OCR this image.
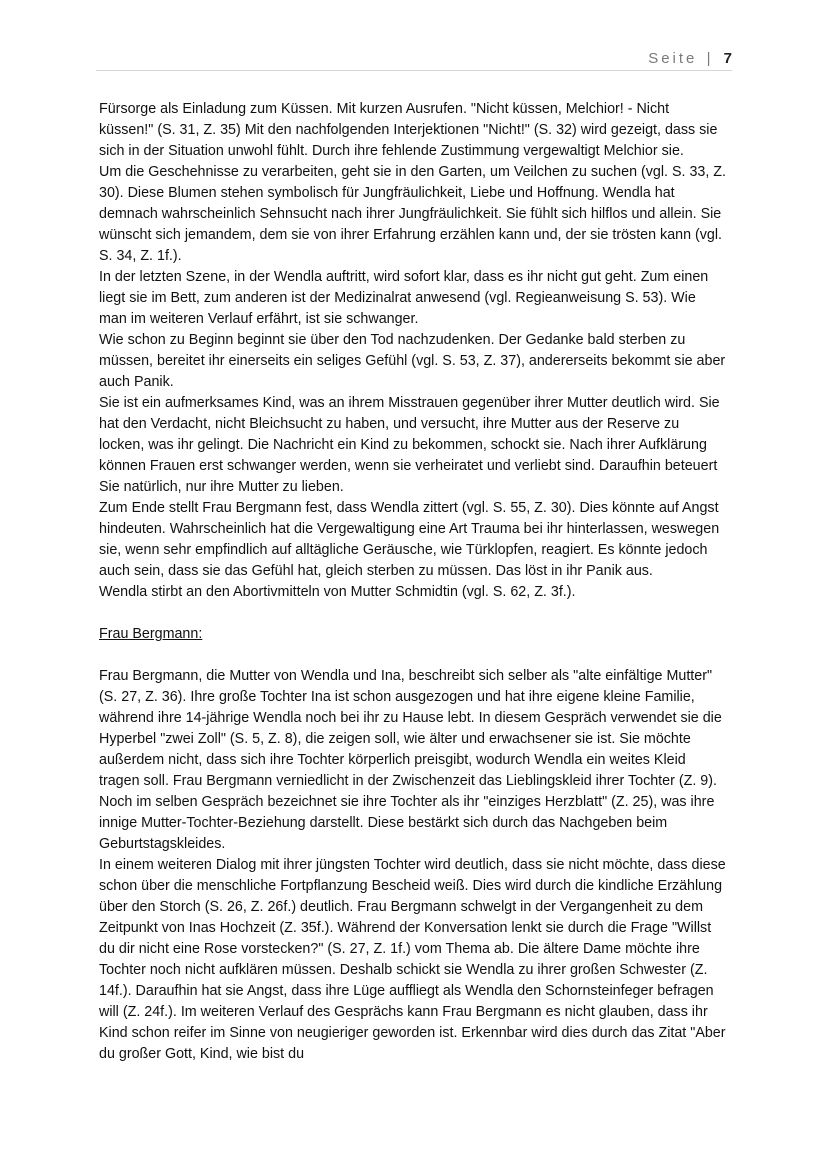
Seite | 7

Fürsorge als Einladung zum Küssen. Mit kurzen Ausrufen. "Nicht küssen, Melchior! - Nicht küssen!" (S. 31, Z. 35) Mit den nachfolgenden Interjektionen "Nicht!" (S. 32) wird gezeigt, dass sie sich in der Situation unwohl fühlt. Durch ihre fehlende Zustimmung vergewaltigt Melchior sie.

Um die Geschehnisse zu verarbeiten, geht sie in den Garten, um Veilchen zu suchen (vgl. S. 33, Z. 30). Diese Blumen stehen symbolisch für Jungfräulichkeit, Liebe und Hoffnung. Wendla hat demnach wahrscheinlich Sehnsucht nach ihrer Jungfräulichkeit. Sie fühlt sich hilflos und allein. Sie wünscht sich jemandem, dem sie von ihrer Erfahrung erzählen kann und, der sie trösten kann (vgl. S. 34, Z. 1f.).

In der letzten Szene, in der Wendla auftritt, wird sofort klar, dass es ihr nicht gut geht. Zum einen liegt sie im Bett, zum anderen ist der Medizinalrat anwesend (vgl. Regieanweisung S. 53). Wie man im weiteren Verlauf erfährt, ist sie schwanger.

Wie schon zu Beginn beginnt sie über den Tod nachzudenken. Der Gedanke bald sterben zu müssen, bereitet ihr einerseits ein seliges Gefühl (vgl. S. 53, Z. 37), andererseits bekommt sie aber auch Panik.

Sie ist ein aufmerksames Kind, was an ihrem Misstrauen gegenüber ihrer Mutter deutlich wird. Sie hat den Verdacht, nicht Bleichsucht zu haben, und versucht, ihre Mutter aus der Reserve zu locken, was ihr gelingt. Die Nachricht ein Kind zu bekommen, schockt sie. Nach ihrer Aufklärung können Frauen erst schwanger werden, wenn sie verheiratet und verliebt sind. Daraufhin beteuert Sie natürlich, nur ihre Mutter zu lieben.

Zum Ende stellt Frau Bergmann fest, dass Wendla zittert (vgl. S. 55, Z. 30). Dies könnte auf Angst hindeuten. Wahrscheinlich hat die Vergewaltigung eine Art Trauma bei ihr hinterlassen, weswegen sie, wenn sehr empfindlich auf alltägliche Geräusche, wie Türklopfen, reagiert. Es könnte jedoch auch sein, dass sie das Gefühl hat, gleich sterben zu müssen. Das löst in ihr Panik aus.

Wendla stirbt an den Abortivmitteln von Mutter Schmidtin (vgl. S. 62, Z. 3f.).

Frau Bergmann:

Frau Bergmann, die Mutter von Wendla und Ina, beschreibt sich selber als "alte einfältige Mutter"(S. 27, Z. 36). Ihre große Tochter Ina ist schon ausgezogen und hat ihre eigene kleine Familie, während ihre 14-jährige Wendla noch bei ihr zu Hause lebt. In diesem Gespräch verwendet sie die Hyperbel "zwei Zoll" (S. 5, Z. 8), die zeigen soll, wie älter und erwachsener sie ist. Sie möchte außerdem nicht, dass sich ihre Tochter körperlich preisgibt, wodurch Wendla ein weites Kleid tragen soll. Frau Bergmann verniedlicht in der Zwischenzeit das Lieblingskleid ihrer Tochter (Z. 9). Noch im selben Gespräch bezeichnet sie ihre Tochter als ihr "einziges Herzblatt" (Z. 25), was ihre innige Mutter-Tochter-Beziehung darstellt. Diese bestärkt sich durch das Nachgeben beim Geburtstagskleides.

In einem weiteren Dialog mit ihrer jüngsten Tochter wird deutlich, dass sie nicht möchte, dass diese schon über die menschliche Fortpflanzung Bescheid weiß. Dies wird durch die kindliche Erzählung über den Storch (S. 26, Z. 26f.) deutlich. Frau Bergmann schwelgt in der Vergangenheit zu dem Zeitpunkt von Inas Hochzeit (Z. 35f.). Während der Konversation lenkt sie durch die Frage "Willst du dir nicht eine Rose vorstecken?" (S. 27, Z. 1f.) vom Thema ab. Die ältere Dame möchte ihre Tochter noch nicht aufklären müssen. Deshalb schickt sie Wendla zu ihrer großen Schwester (Z. 14f.). Daraufhin hat sie Angst, dass ihre Lüge auffliegt als Wendla den Schornsteinfeger befragen will (Z. 24f.). Im weiteren Verlauf des Gesprächs kann Frau Bergmann es nicht glauben, dass ihr Kind schon reifer im Sinne von neugieriger geworden ist. Erkennbar wird dies durch das Zitat "Aber du großer Gott, Kind, wie bist du
